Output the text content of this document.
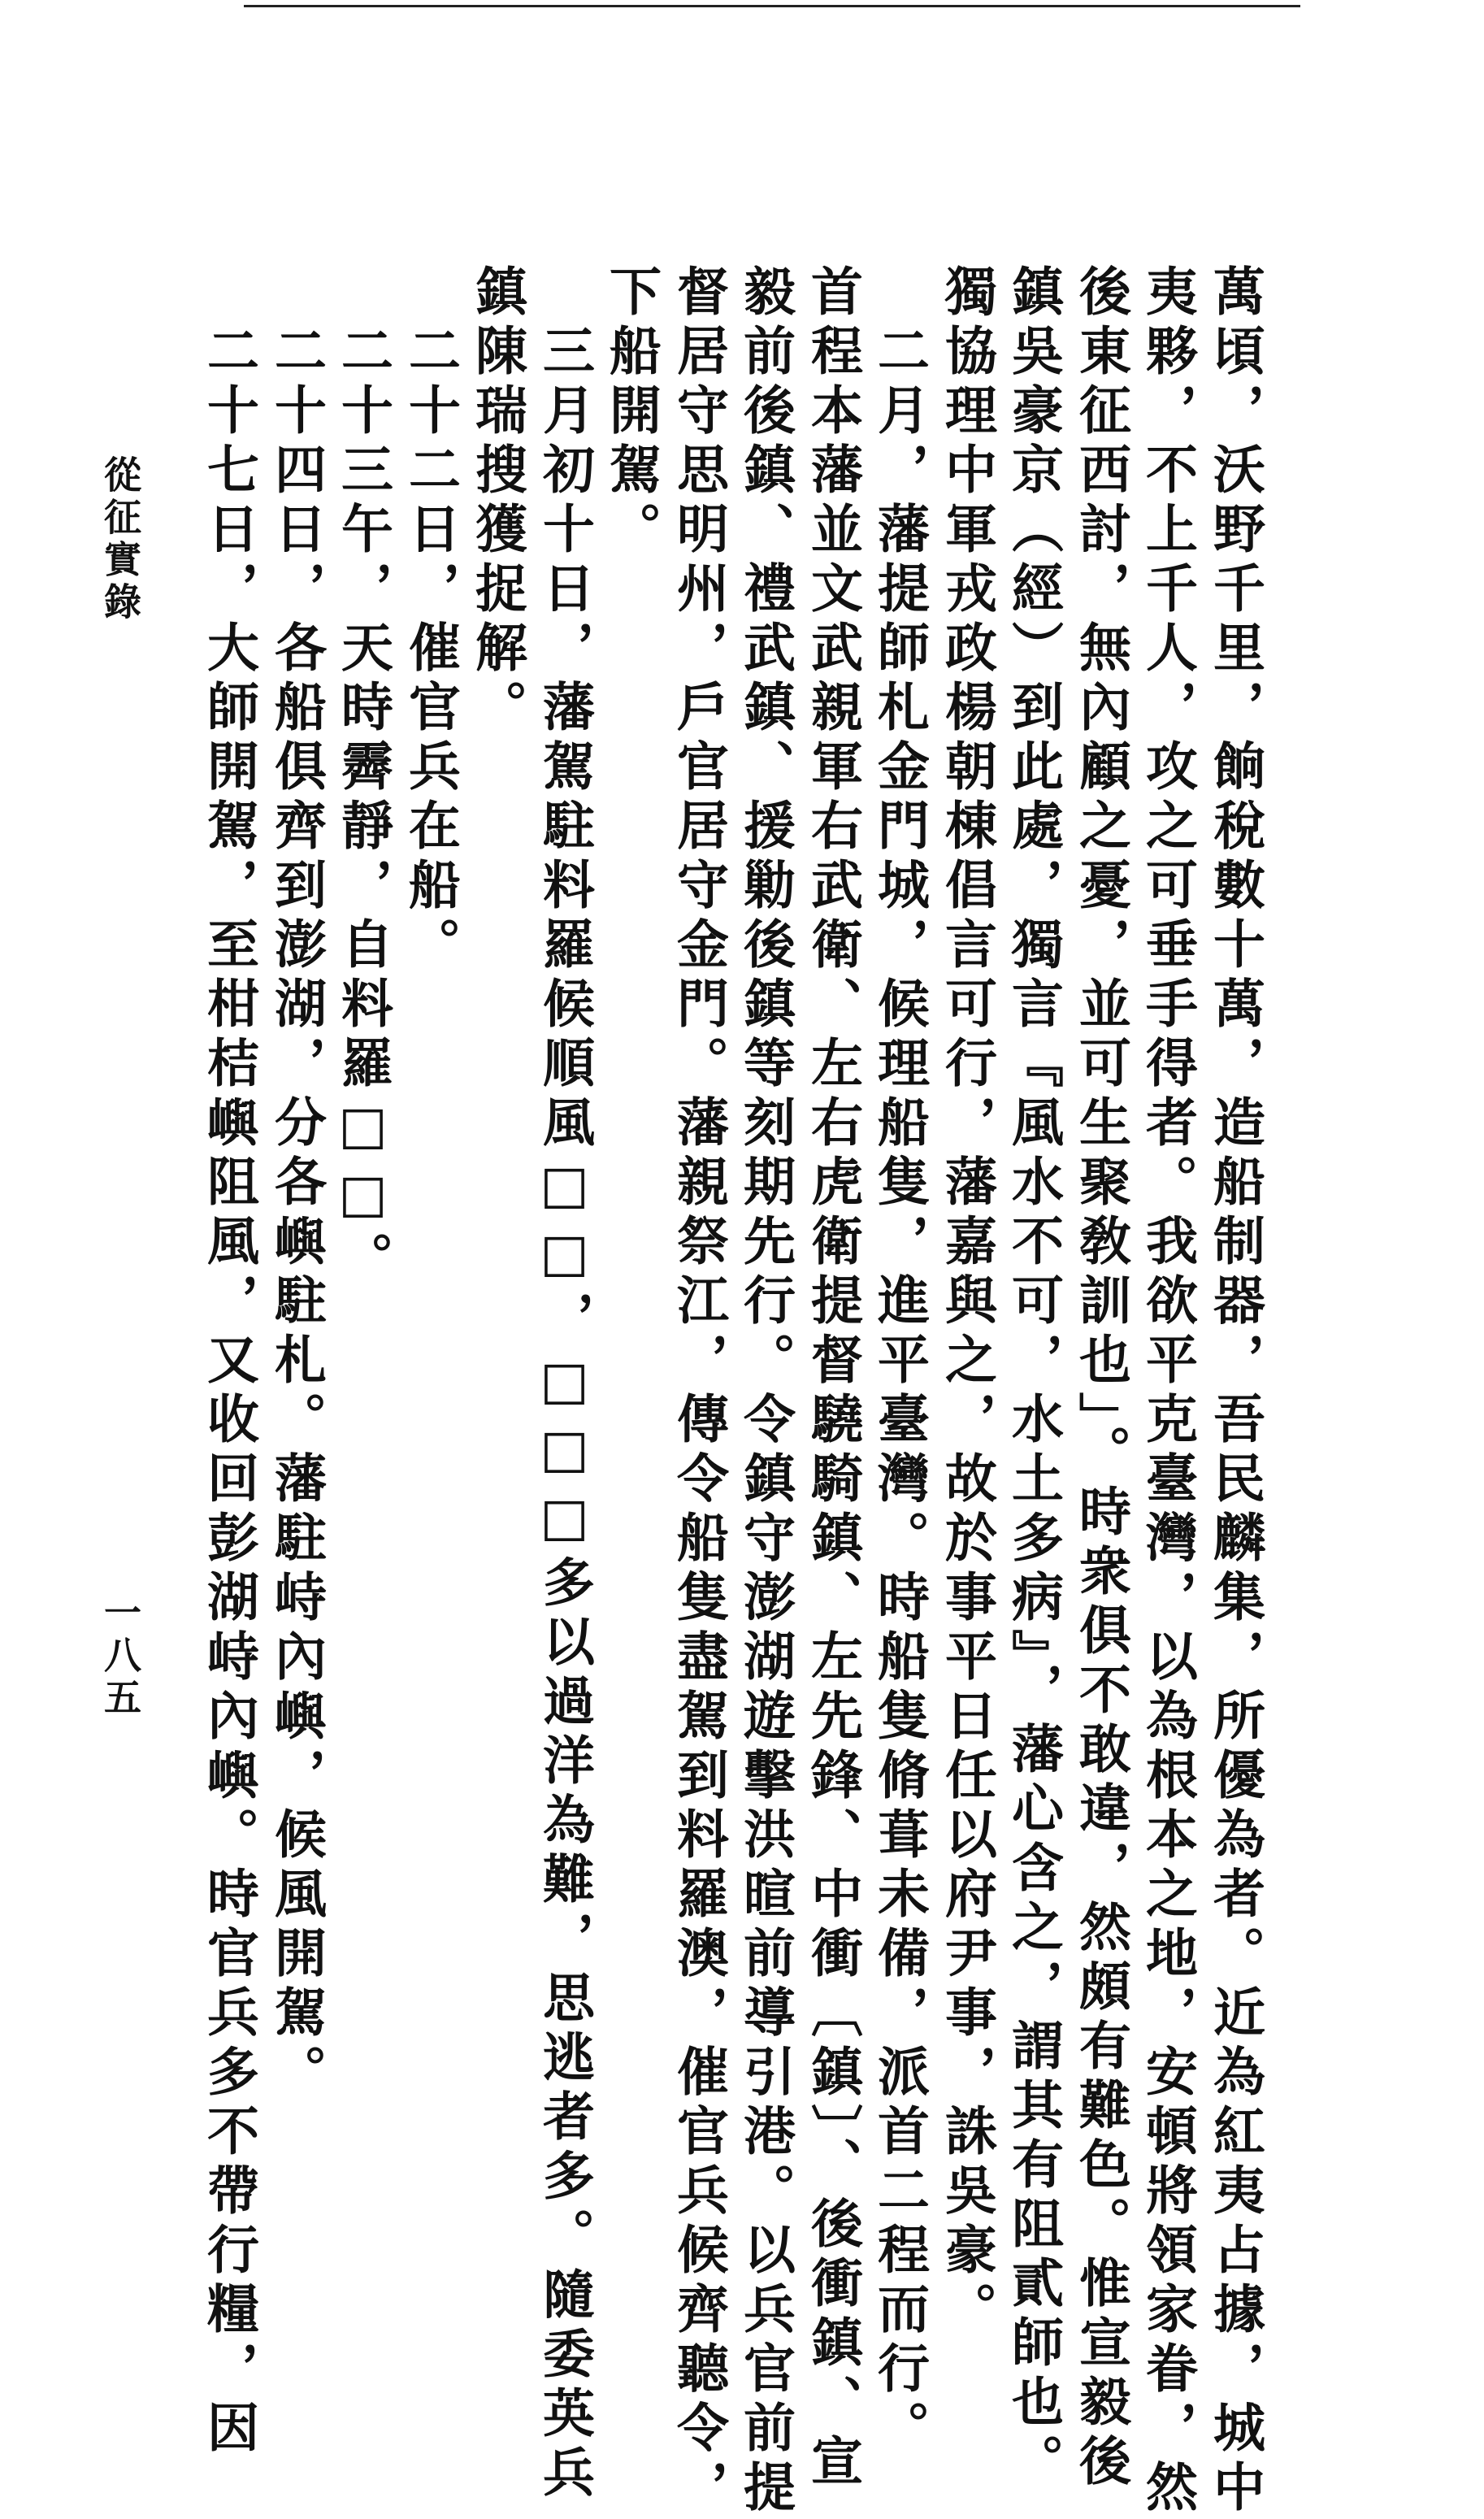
從征實錄
一八五	萬頃，沃野千里，餉稅數十萬，造船制器，吾民麟集，所優為者。近為紅夷占據，城中
夷夥，不上千人，攻之可垂手得者。我欲平克臺灣，以為根本之地，安頓將領家眷，然
後東征西討，無內顧之憂，並可生聚敎訓也」。時衆俱不敢違，然頗有難色。惟宣毅後
鎮吳豪京（經）到此處，獨言『風水不可，水土多病』，藩心含之，謂其有阻貳師也。
獨協理中軍戎政楊朝棟倡言可行，藩嘉與之，故於事平日任以府尹事，誅吳豪。
　二月，藩提師札金門城，候理船隻，進平臺灣。時船隻脩葺未備，派首二程而行。
首程本藩並文武親軍右武衛、左右虎衛提督驍騎鎮、左先鋒、中衝〔鎮〕、後衝鎮、宣
毅前後鎮、禮武鎮、援勦後鎮等刻期先行。令鎮守澎湖遊擊洪暄前導引港。以兵官前提
督居守思明州，戶官居守金門。藩親祭江，傳令船隻盡駕到料羅澳，催官兵候齊聽令，
下船開駕。
　三月初十日，藩駕駐料羅候順風□□，□□□多以過洋為難，思逃者多。隨委英兵
鎮陳瑞搜獲捉解。
　二十二日，催官兵在船。
　二十三午，天時霽靜，自料羅□□。
　二十四日，各船俱齊到澎湖，分各嶼駐札。藩駐峙內嶼，候風開駕。
　二十七日，大師開駕，至柑桔嶼阻風，又收回彭湖峙內嶼。時官兵多不帶行糧，因
